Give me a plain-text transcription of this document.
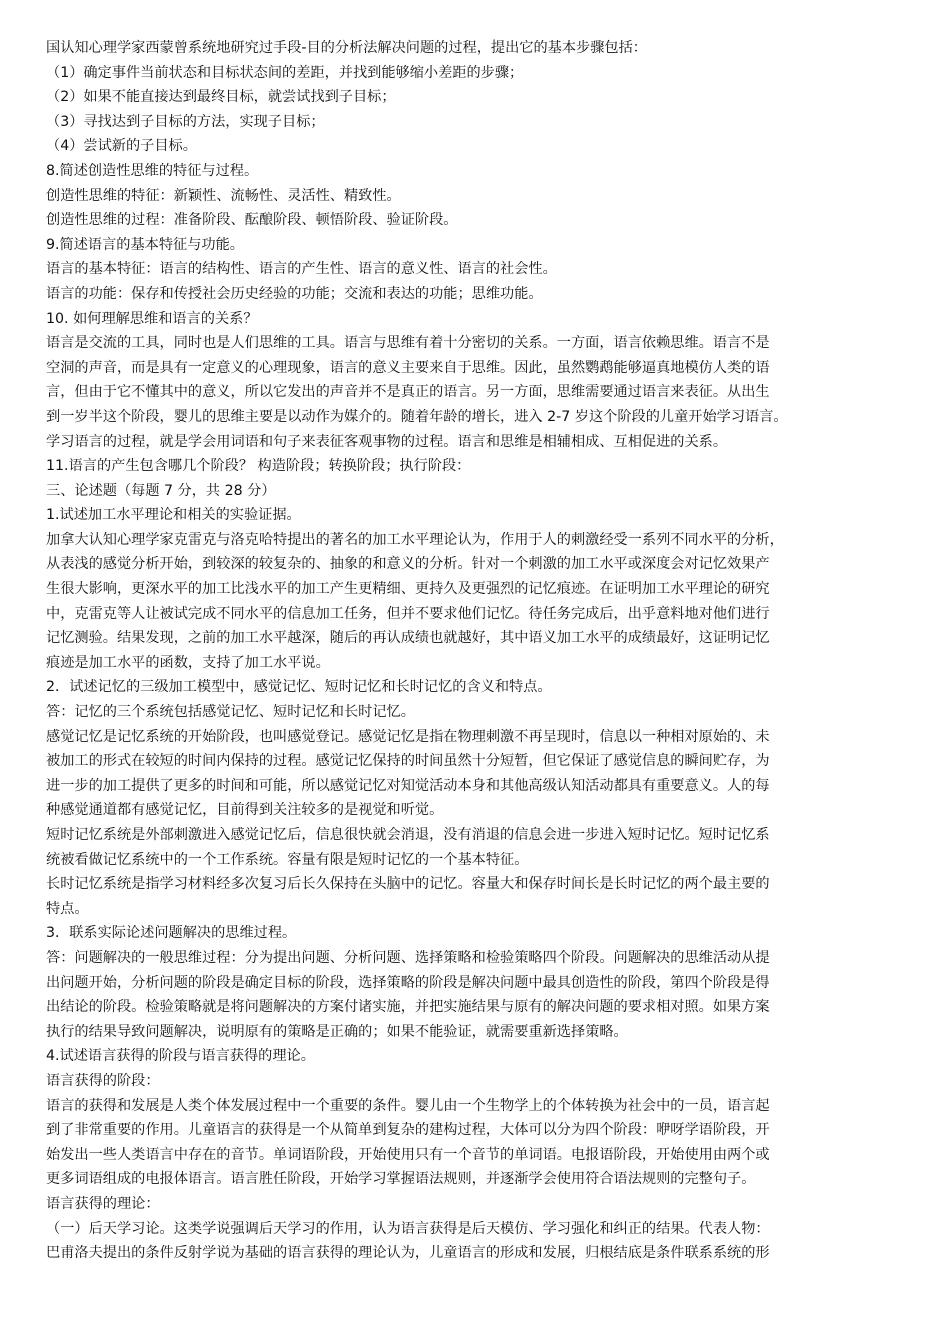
国认知心理学家西蒙曾系统地研究过手段-目的分析法解决问题的过程，提出它的基本步骤包括：
（1）确定事件当前状态和目标状态间的差距，并找到能够缩小差距的步骤；
（2）如果不能直接达到最终目标，就尝试找到子目标；
（3）寻找达到子目标的方法，实现子目标；
（4）尝试新的子目标。
8.简述创造性思维的特征与过程。
创造性思维的特征：新颖性、流畅性、灵活性、精致性。
创造性思维的过程：准备阶段、酝酿阶段、顿悟阶段、验证阶段。
9.简述语言的基本特征与功能。
语言的基本特征：语言的结构性、语言的产生性、语言的意义性、语言的社会性。
语言的功能：保存和传授社会历史经验的功能；交流和表达的功能；思维功能。
10. 如何理解思维和语言的关系？
语言是交流的工具，同时也是人们思维的工具。语言与思维有着十分密切的关系。一方面，语言依赖思维。语言不是
空洞的声音，而是具有一定意义的心理现象，语言的意义主要来自于思维。因此，虽然鹦鹉能够逼真地模仿人类的语
言，但由于它不懂其中的意义，所以它发出的声音并不是真正的语言。另一方面，思维需要通过语言来表征。从出生
到一岁半这个阶段，婴儿的思维主要是以动作为媒介的。随着年龄的增长，进入 2-7 岁这个阶段的儿童开始学习语言。
学习语言的过程，就是学会用词语和句子来表征客观事物的过程。语言和思维是相辅相成、互相促进的关系。
11.语言的产生包含哪几个阶段？ 构造阶段；转换阶段；执行阶段：
三、论述题（每题 7 分，共 28 分）
1.试述加工水平理论和相关的实验证据。
加拿大认知心理学家克雷克与洛克哈特提出的著名的加工水平理论认为，作用于人的刺激经受一系列不同水平的分析，
从表浅的感觉分析开始，到较深的较复杂的、抽象的和意义的分析。针对一个刺激的加工水平或深度会对记忆效果产
生很大影响，更深水平的加工比浅水平的加工产生更精细、更持久及更强烈的记忆痕迹。在证明加工水平理论的研究
中，克雷克等人让被试完成不同水平的信息加工任务，但并不要求他们记忆。待任务完成后，出乎意料地对他们进行
记忆测验。结果发现，之前的加工水平越深，随后的再认成绩也就越好，其中语义加工水平的成绩最好，这证明记忆
痕迹是加工水平的函数，支持了加工水平说。
2．试述记忆的三级加工模型中，感觉记忆、短时记忆和长时记忆的含义和特点。
答：记忆的三个系统包括感觉记忆、短时记忆和长时记忆。
感觉记忆是记忆系统的开始阶段，也叫感觉登记。感觉记忆是指在物理刺激不再呈现时，信息以一种相对原始的、未
被加工的形式在较短的时间内保持的过程。感觉记忆保持的时间虽然十分短暂，但它保证了感觉信息的瞬间贮存，为
进一步的加工提供了更多的时间和可能，所以感觉记忆对知觉活动本身和其他高级认知活动都具有重要意义。人的每
种感觉通道都有感觉记忆，目前得到关注较多的是视觉和听觉。
短时记忆系统是外部刺激进入感觉记忆后，信息很快就会消退，没有消退的信息会进一步进入短时记忆。短时记忆系
统被看做记忆系统中的一个工作系统。容量有限是短时记忆的一个基本特征。
长时记忆系统是指学习材料经多次复习后长久保持在头脑中的记忆。容量大和保存时间长是长时记忆的两个最主要的
特点。
3．联系实际论述问题解决的思维过程。
答：问题解决的一般思维过程：分为提出问题、分析问题、选择策略和检验策略四个阶段。问题解决的思维活动从提
出问题开始，分析问题的阶段是确定目标的阶段，选择策略的阶段是解决问题中最具创造性的阶段，第四个阶段是得
出结论的阶段。检验策略就是将问题解决的方案付诸实施，并把实施结果与原有的解决问题的要求相对照。如果方案
执行的结果导致问题解决，说明原有的策略是正确的；如果不能验证，就需要重新选择策略。
4.试述语言获得的阶段与语言获得的理论。
语言获得的阶段：
语言的获得和发展是人类个体发展过程中一个重要的条件。婴儿由一个生物学上的个体转换为社会中的一员，语言起
到了非常重要的作用。儿童语言的获得是一个从简单到复杂的建构过程，大体可以分为四个阶段：咿呀学语阶段，开
始发出一些人类语言中存在的音节。单词语阶段，开始使用只有一个音节的单词语。电报语阶段，开始使用由两个或
更多词语组成的电报体语言。语言胜任阶段，开始学习掌握语法规则，并逐渐学会使用符合语法规则的完整句子。
语言获得的理论：
（一）后天学习论。这类学说强调后天学习的作用，认为语言获得是后天模仿、学习强化和纠正的结果。代表人物：
巴甫洛夫提出的条件反射学说为基础的语言获得的理论认为，儿童语言的形成和发展，归根结底是条件联系系统的形
